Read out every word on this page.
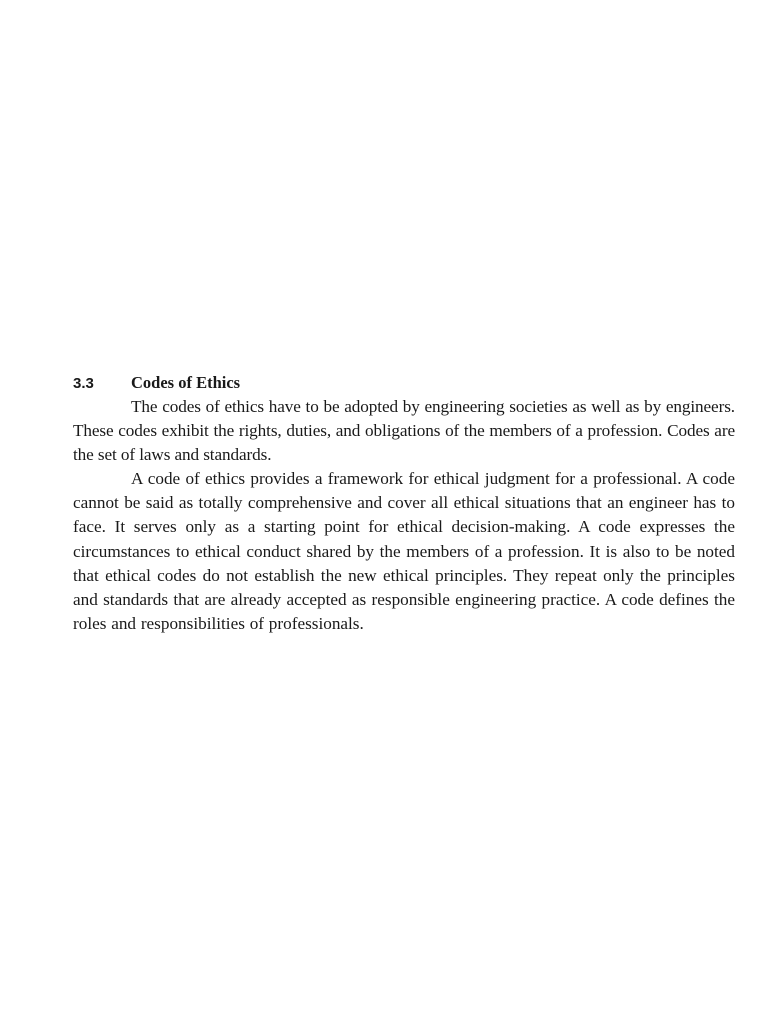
3.3	Codes of Ethics

The codes of ethics have to be adopted by engineering societies as well as by engineers. These codes exhibit the rights, duties, and obligations of the members of a profession. Codes are the set of laws and standards.

A code of ethics provides a framework for ethical judgment for a professional. A code cannot be said as totally comprehensive and cover all ethical situations that an engineer has to face. It serves only as a starting point for ethical decision-making. A code expresses the circumstances to ethical conduct shared by the members of a profession. It is also to be noted that ethical codes do not establish the new ethical principles. They repeat only the principles and standards that are already accepted as responsible engineering practice. A code defines the roles and responsibilities of professionals.
